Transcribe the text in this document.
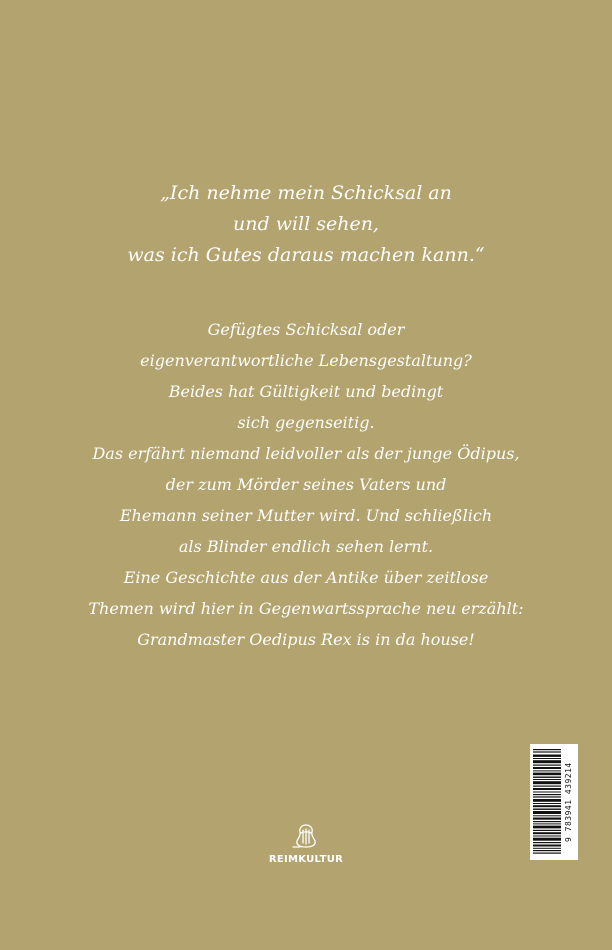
„Ich nehme mein Schicksal an
und will sehen,
was ich Gutes daraus machen kann.“
Gefügtes Schicksal oder
eigenverantwortliche Lebensgestaltung?
Beides hat Gültigkeit und bedingt
sich gegenseitig.
Das erfährt niemand leidvoller als der junge Ödipus,
der zum Mörder seines Vaters und
Ehemann seiner Mutter wird. Und schließlich
als Blinder endlich sehen lernt.
Eine Geschichte aus der Antike über zeitlose
Themen wird hier in Gegenwartssprache neu erzählt:
Grandmaster Oedipus Rex is in da house!
REIMKULTUR
9 783941 439214
